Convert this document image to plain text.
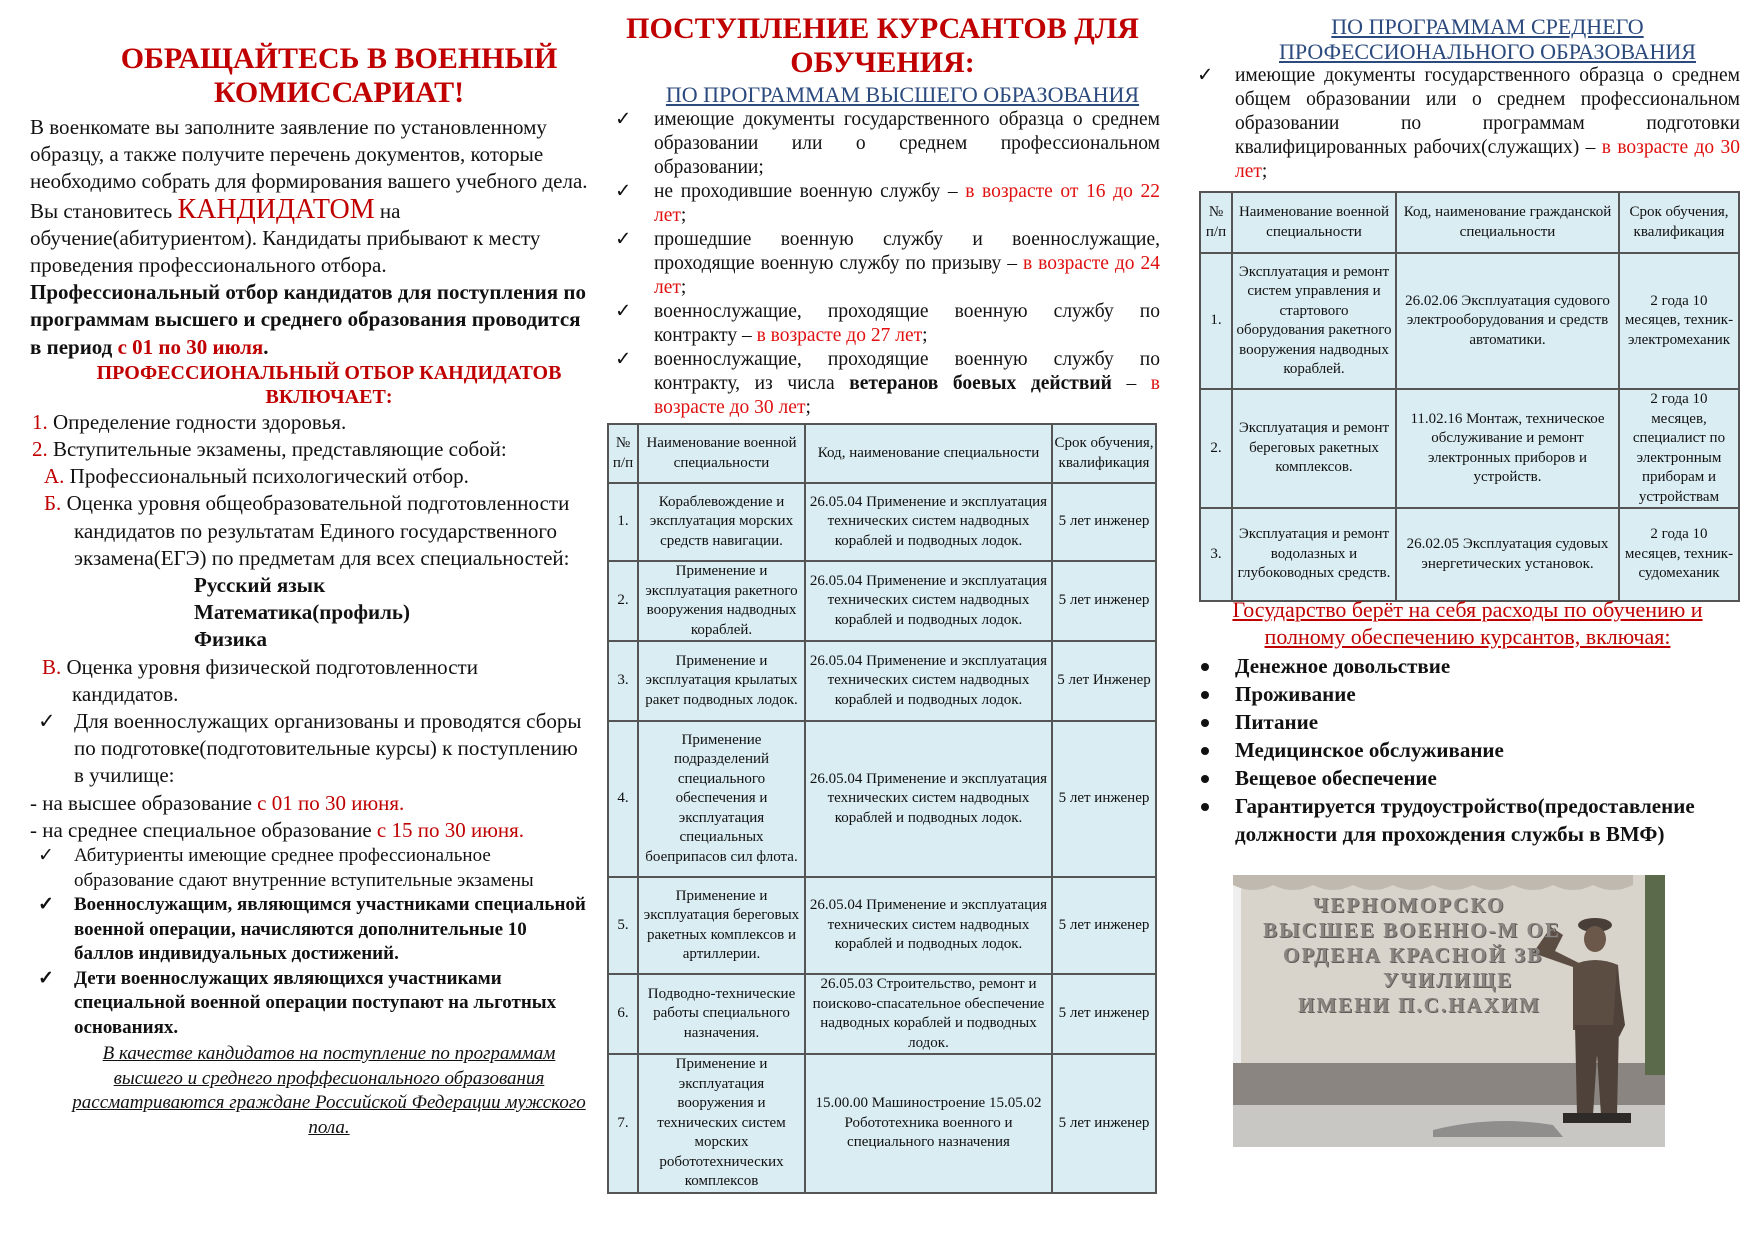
ОБРАЩАЙТЕСЬ В ВОЕННЫЙ КОМИССАРИАТ!
В военкомате вы заполните заявление по установленному образцу, а также получите перечень документов, которые необходимо собрать для формирования вашего учебного дела. Вы становитесь КАНДИДАТОМ на обучение(абитуриентом). Кандидаты прибывают к месту проведения профессионального отбора.
Профессиональный отбор кандидатов для поступления по программам высшего и среднего образования проводится в период с 01 по 30 июля.
ПРОФЕССИОНАЛЬНЫЙ ОТБОР КАНДИДАТОВ ВКЛЮЧАЕТ:
1. Определение годности здоровья.
2. Вступительные экзамены, представляющие собой:
А. Профессиональный психологический отбор.
Б. Оценка уровня общеобразовательной подготовленности кандидатов по результатам Единого государственного экзамена(ЕГЭ) по предметам для всех специальностей:
Русский язык
Математика(профиль)
Физика
В. Оценка уровня физической подготовленности кандидатов.
✓ Для военнослужащих организованы и проводятся сборы по подготовке(подготовительные курсы) к поступлению в училище:
- на высшее образование с 01 по 30 июня.
- на среднее специальное образование с 15 по 30 июня.
✓ Абитуриенты имеющие среднее профессиональное образование сдают внутренние вступительные экзамены
✓ Военнослужащим, являющимся участниками специальной военной операции, начисляются дополнительные 10 баллов индивидуальных достижений.
✓ Дети военнослужащих являющихся участниками специальной военной операции поступают на льготных основаниях.
В качестве кандидатов на поступление по программам высшего и среднего проффесионального образования рассматриваются граждане Российской Федерации мужского пола.
ПОСТУПЛЕНИЕ КУРСАНТОВ ДЛЯ ОБУЧЕНИЯ:
ПО ПРОГРАММАМ ВЫСШЕГО ОБРАЗОВАНИЯ
✓ имеющие документы государственного образца о среднем образовании или о среднем профессиональном образовании;
✓ не проходившие военную службу – в возрасте от 16 до 22 лет;
✓ прошедшие военную службу и военнослужащие, проходящие военную службу по призыву – в возрасте до 24 лет;
✓ военнослужащие, проходящие военную службу по контракту – в возрасте до 27 лет;
✓ военнослужащие, проходящие военную службу по контракту, из числа ветеранов боевых действий – в возрасте до 30 лет;
№ п/п	Наименование военной специальности	Код, наименование специальности	Срок обучения, квалификация
1.	Кораблевождение и эксплуатация морских средств навигации.	26.05.04 Применение и эксплуатация технических систем надводных кораблей и подводных лодок.	5 лет инженер
2.	Применение и эксплуатация ракетного вооружения надводных кораблей.	26.05.04 Применение и эксплуатация технических систем надводных кораблей и подводных лодок.	5 лет инженер
3.	Применение и эксплуатация крылатых ракет подводных лодок.	26.05.04 Применение и эксплуатация технических систем надводных кораблей и подводных лодок.	5 лет Инженер
4.	Применение подразделений специального обеспечения и эксплуатация специальных боеприпасов сил флота.	26.05.04 Применение и эксплуатация технических систем надводных кораблей и подводных лодок.	5 лет инженер
5.	Применение и эксплуатация береговых ракетных комплексов и артиллерии.	26.05.04 Применение и эксплуатация технических систем надводных кораблей и подводных лодок.	5 лет инженер
6.	Подводно-технические работы специального назначения.	26.05.03 Строительство, ремонт и поисково-спасательное обеспечение надводных кораблей и подводных лодок.	5 лет инженер
7.	Применение и эксплуатация вооружения и технических систем морских робототехнических комплексов	15.00.00 Машиностроение 15.05.02 Робототехника военного и специального назначения	5 лет инженер
ПО ПРОГРАММАМ СРЕДНЕГО ПРОФЕССИОНАЛЬНОГО ОБРАЗОВАНИЯ
✓ имеющие документы государственного образца о среднем общем образовании или о среднем профессиональном образовании по программам подготовки квалифицированных рабочих(служащих) – в возрасте до 30 лет;
№ п/п	Наименование военной специальности	Код, наименование гражданской специальности	Срок обучения, квалификация
1.	Эксплуатация и ремонт систем управления и стартового оборудования ракетного вооружения надводных кораблей.	26.02.06 Эксплуатация судового электрооборудования и средств автоматики.	2 года 10 месяцев, техник-электромеханик
2.	Эксплуатация и ремонт береговых ракетных комплексов.	11.02.16 Монтаж, техническое обслуживание и ремонт электронных приборов и устройств.	2 года 10 месяцев, специалист по электронным приборам и устройствам
3.	Эксплуатация и ремонт водолазных и глубоководных средств.	26.02.05 Эксплуатация судовых энергетических установок.	2 года 10 месяцев, техник-судомеханик
Государство берёт на себя расходы по обучению и полному обеспечению курсантов, включая:
Денежное довольствие
Проживание
Питание
Медицинское обслуживание
Вещевое обеспечение
Гарантируется трудоустройство(предоставление должности для прохождения службы в ВМФ)
ЧЕРНОМОРСКО
ВЫСШЕЕ ВОЕННО-М ОЕ
ОРДЕНА КРАСНОЙ ЗВ
УЧИЛИЩЕ
ИМЕНИ П.С.НАХИМ
